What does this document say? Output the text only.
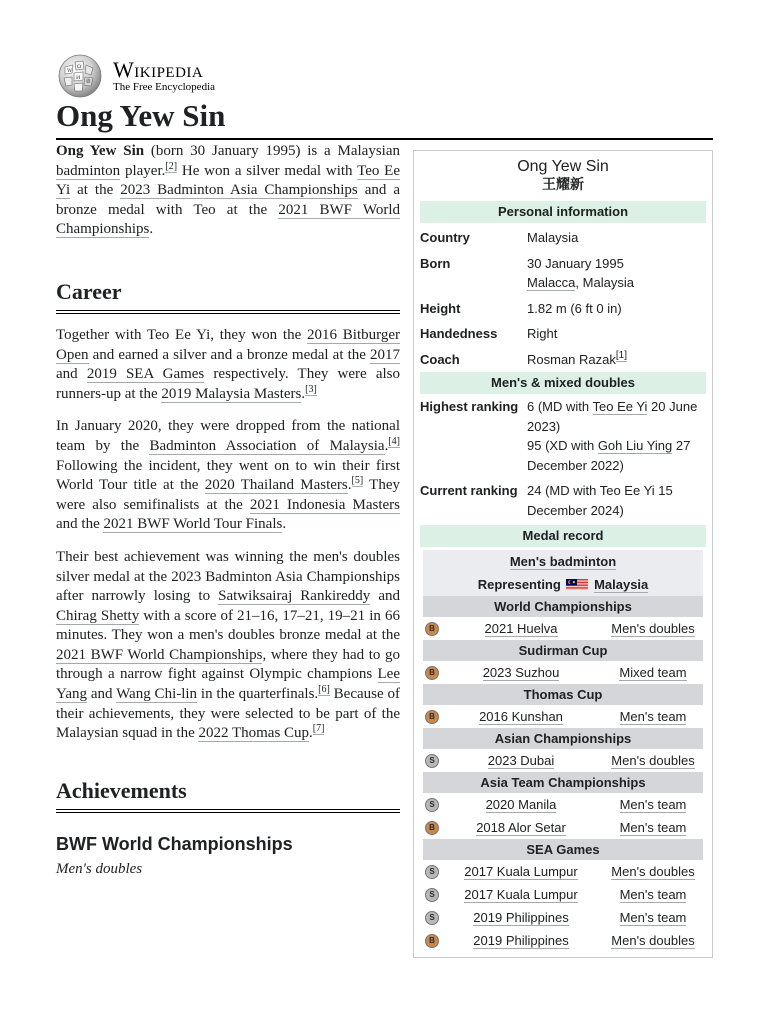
W
Ω
И
維
Wikipedia
The Free Encyclopedia
Ong Yew Sin

Ong Yew Sin (born 30 January 1995) is a Malaysian badminton player.[2] He won a silver medal with Teo Ee Yi at the 2023 Badminton Asia Championships and a bronze medal with Teo at the 2021 BWF World Championships.

Career

Together with Teo Ee Yi, they won the 2016 Bitburger Open and earned a silver and a bronze medal at the 2017 and 2019 SEA Games respectively. They were also runners-up at the 2019 Malaysia Masters.[3]

In January 2020, they were dropped from the national team by the Badminton Association of Malaysia.[4] Following the incident, they went on to win their first World Tour title at the 2020 Thailand Masters.[5] They were also semifinalists at the 2021 Indonesia Masters and the 2021 BWF World Tour Finals.

Their best achievement was winning the men's doubles silver medal at the 2023 Badminton Asia Championships after narrowly losing to Satwiksairaj Rankireddy and Chirag Shetty with a score of 21–16, 17–21, 19–21 in 66 minutes. They won a men's doubles bronze medal at the 2021 BWF World Championships, where they had to go through a narrow fight against Olympic champions Lee Yang and Wang Chi-lin in the quarterfinals.[6] Because of their achievements, they were selected to be part of the Malaysian squad in the 2022 Thomas Cup.[7]

Achievements
BWF World Championships
Men's doubles
Ong Yew Sin
王耀新
Personal information
Country	Malaysia
Born	30 January 1995
Malacca, Malaysia
Height	1.82 m (6 ft 0 in)
Handedness	Right
Coach	Rosman Razak[1]
Men's & mixed doubles
Highest ranking 6 (MD with Teo Ee Yi 20 June 2023)
95 (XD with Goh Liu Ying 27 December 2022)
Current ranking 24 (MD with Teo Ee Yi 15 December 2024)
Medal record
Men's badminton
Representing	Malaysia
World Championships
B	2021 Huelva	Men's doubles
Sudirman Cup
B	2023 Suzhou	Mixed team
Thomas Cup
B	2016 Kunshan	Men's team
Asian Championships
S	2023 Dubai	Men's doubles
Asia Team Championships
S	2020 Manila	Men's team
B	2018 Alor Setar	Men's team
SEA Games
S	2017 Kuala Lumpur	Men's doubles
S	2017 Kuala Lumpur	Men's team
S	2019 Philippines	Men's team
B	2019 Philippines	Men's doubles
